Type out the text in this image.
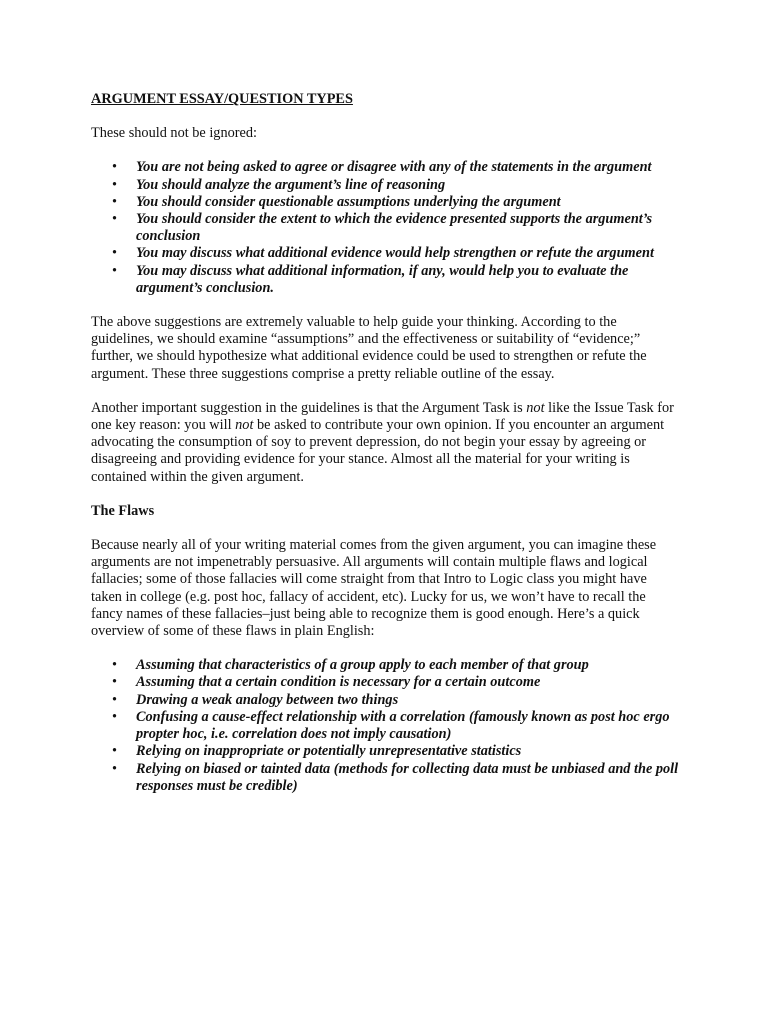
ARGUMENT ESSAY/QUESTION TYPES

These should not be ignored:

• You are not being asked to agree or disagree with any of the statements in the argument
• You should analyze the argument’s line of reasoning
• You should consider questionable assumptions underlying the argument
• You should consider the extent to which the evidence presented supports the argument’s conclusion
• You may discuss what additional evidence would help strengthen or refute the argument
• You may discuss what additional information, if any, would help you to evaluate the argument’s conclusion.

The above suggestions are extremely valuable to help guide your thinking. According to the guidelines, we should examine “assumptions” and the effectiveness or suitability of “evidence;” further, we should hypothesize what additional evidence could be used to strengthen or refute the argument. These three suggestions comprise a pretty reliable outline of the essay.

Another important suggestion in the guidelines is that the Argument Task is not like the Issue Task for one key reason: you will not be asked to contribute your own opinion. If you encounter an argument advocating the consumption of soy to prevent depression, do not begin your essay by agreeing or disagreeing and providing evidence for your stance. Almost all the material for your writing is contained within the given argument.

The Flaws

Because nearly all of your writing material comes from the given argument, you can imagine these arguments are not impenetrably persuasive. All arguments will contain multiple flaws and logical fallacies; some of those fallacies will come straight from that Intro to Logic class you might have taken in college (e.g. post hoc, fallacy of accident, etc). Lucky for us, we won’t have to recall the fancy names of these fallacies–just being able to recognize them is good enough. Here’s a quick overview of some of these flaws in plain English:

• Assuming that characteristics of a group apply to each member of that group
• Assuming that a certain condition is necessary for a certain outcome
• Drawing a weak analogy between two things
• Confusing a cause-effect relationship with a correlation (famously known as post hoc ergo propter hoc, i.e. correlation does not imply causation)
• Relying on inappropriate or potentially unrepresentative statistics
• Relying on biased or tainted data (methods for collecting data must be unbiased and the poll responses must be credible)
